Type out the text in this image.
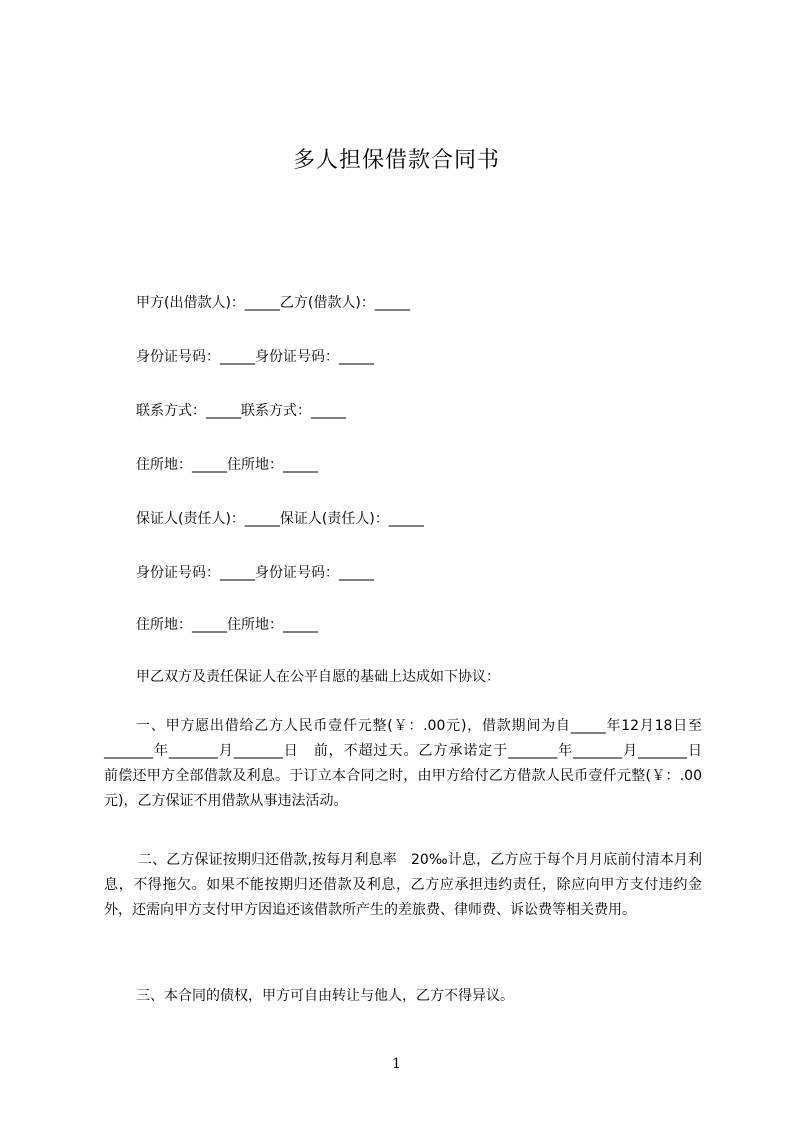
多人担保借款合同书
甲方(出借款人)：_____乙方(借款人)：_____
身份证号码：_____身份证号码：_____
联系方式：_____联系方式：_____
住所地：_____住所地：_____
保证人(责任人)：_____保证人(责任人)：_____
身份证号码：_____身份证号码：_____
住所地：_____住所地：_____
甲乙双方及责任保证人在公平自愿的基础上达成如下协议：
一、甲方愿出借给乙方人民币壹仟元整(￥：.00元)，借款期间为自_____年12月18日至_______年_______月_______日　前，不超过天。乙方承诺定于_______年_______月_______日　前偿还甲方全部借款及利息。于订立本合同之时，由甲方给付乙方借款人民币壹仟元整(￥：.00元)，乙方保证不用借款从事违法活动。
二、乙方保证按期归还借款,按每月利息率　20‰计息，乙方应于每个月月底前付清本月利息，不得拖欠。如果不能按期归还借款及利息，乙方应承担违约责任，除应向甲方支付违约金外，还需向甲方支付甲方因追还该借款所产生的差旅费、律师费、诉讼费等相关费用。
三、本合同的债权，甲方可自由转让与他人，乙方不得异议。
1
